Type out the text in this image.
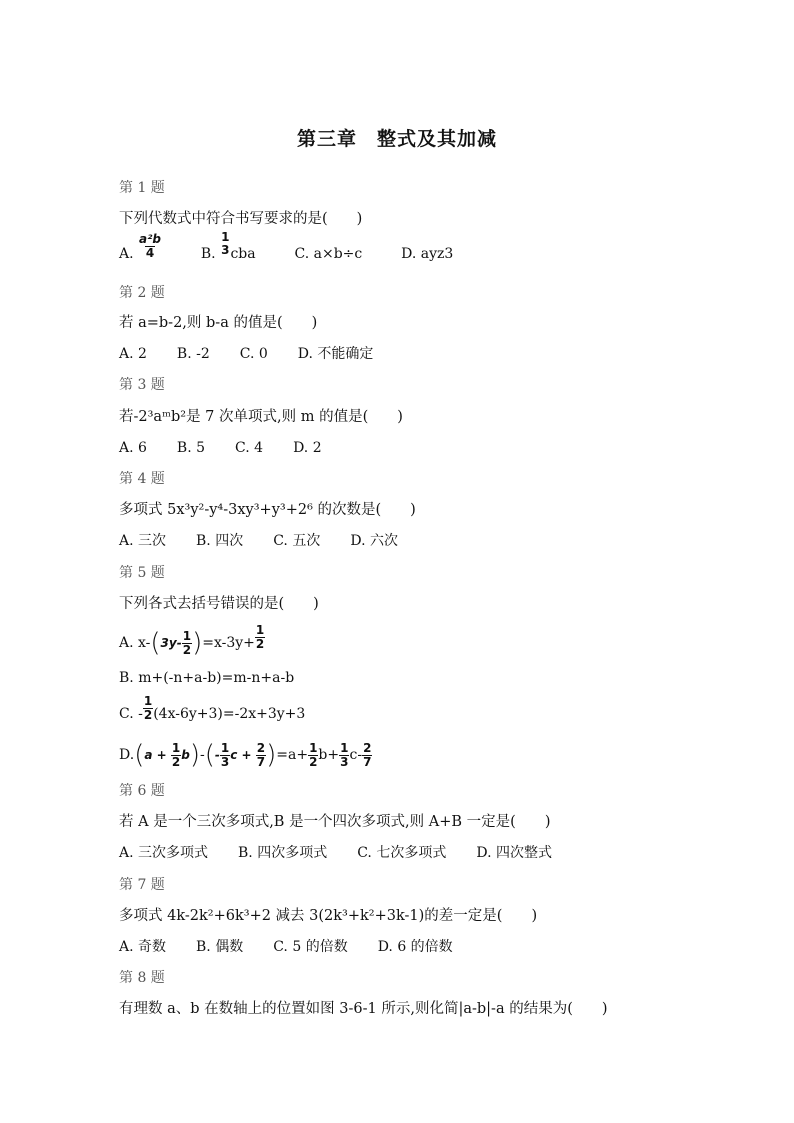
第三章　整式及其加减
第 1 题
下列代数式中符合书写要求的是(　　)
A. $\frac{\text{a²b}}{4}$	B.
1
3 cba	C. a×b÷c	D. ayz3
第 2 题
若 a=b-2,则 b-a 的值是(　　)
A. 2 B. -2 C. 0 D. 不能确定
第 3 题
若-2³aᵐb²是 7 次单项式,则 m 的值是(　　)
A. 6 B. 5 C. 4 D. 2
第 4 题
多项式 5x³y²-y⁴-3xy³+y³+2⁶ 的次数是(　　)
A. 三次 B. 四次 C. 五次 D. 六次
第 5 题
下列各式去括号错误的是(　　)
A. $x-(3y- \frac{1}{2} )=x-3y+ \frac{1}{2}$
B. m+(-n+a-b)=m-n+a-b
C. - $\frac{1}{2} (4x-6y+3)=-2x+3y+3$
$D.(a + \frac{1}{2} b)-(- \frac{1}{3}$ $c + \frac{2}{7} )=a+ \frac{1}{2} b+ \frac{1}{3} c- \frac{2}{7}$
第 6 题
若 A 是一个三次多项式,B 是一个四次多项式,则 A+B 一定是(　　)
A. 三次多项式 B. 四次多项式 C. 七次多项式 D. 四次整式
第 7 题
多项式 4k-2k²+6k³+2 减去 3(2k³+k²+3k-1)的差一定是(　　)
A. 奇数 B. 偶数 C. 5 的倍数 D. 6 的倍数
第 8 题
有理数 a、b 在数轴上的位置如图 3-6-1 所示,则化简|a-b|-a 的结果为(　　)
